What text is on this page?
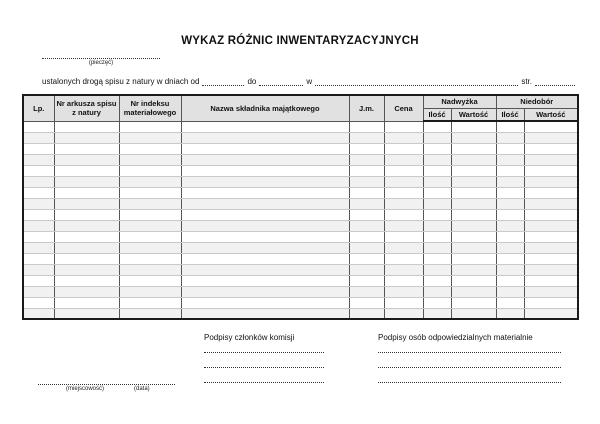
WYKAZ RÓŻNIC INWENTARYZACYJNYCH
(pieczęć)
ustalonych drogą spisu z natury w dniach od	do	w	str.
Lp.	Nr arkusza spisu z natury	Nr indeksu materiałowego	Nazwa składnika majątkowego	J.m.	Cena	Nadwyżka		Niedobór	
						Ilość	Wartość	Ilość	Wartość

Podpisy członków komisji	Podpisy osób odpowiedzialnych materialnie
(miejscowość)	(data)
